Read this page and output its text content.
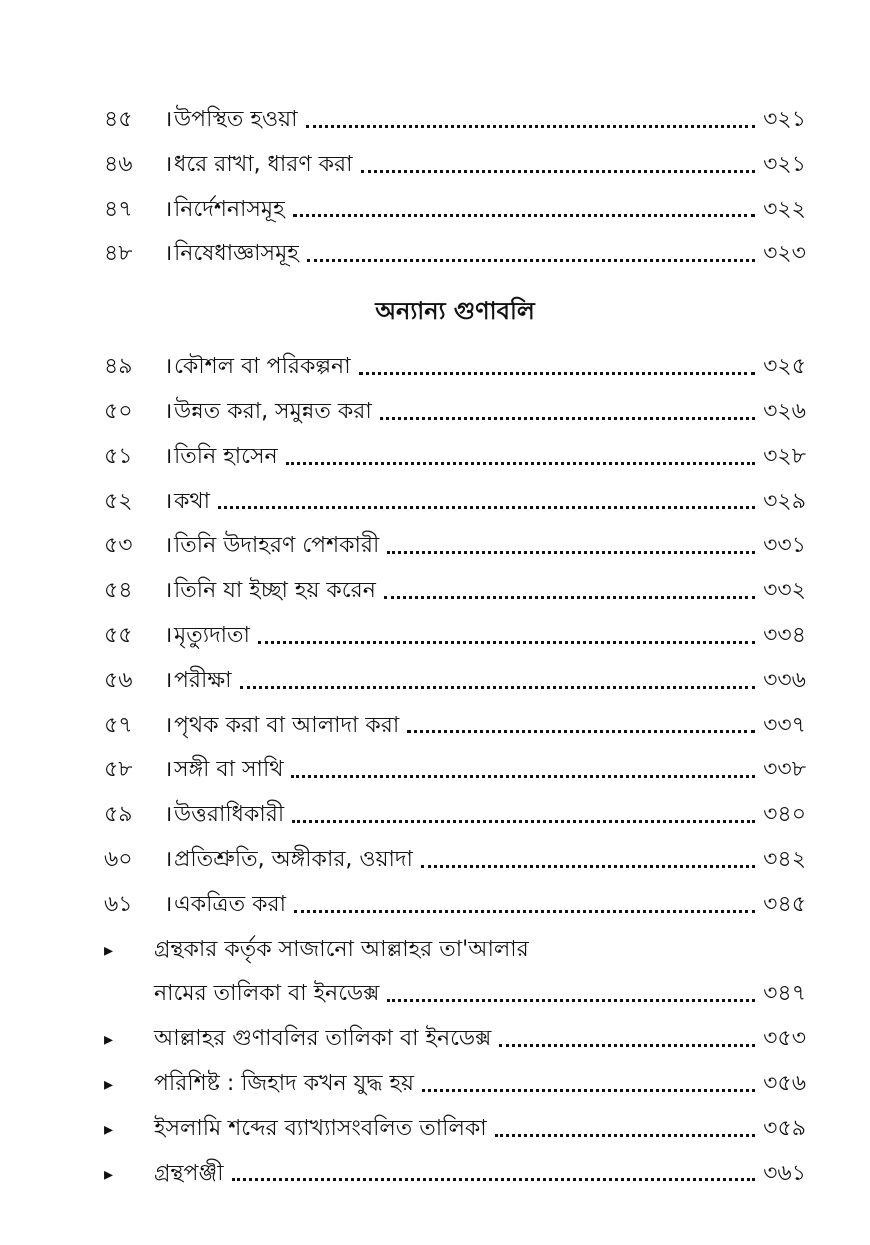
৪৫	। উপস্থিত হওয়া	৩২১
৪৬	। ধরে রাখা, ধারণ করা	৩২১
৪৭	। নির্দেশনাসমূহ	৩২২
৪৮	। নিষেধাজ্ঞাসমূহ	৩২৩
অন্যান্য গুণাবলি
৪৯	। কৌশল বা পরিকল্পনা	৩২৫
৫০	। উন্নত করা, সমুন্নত করা	৩২৬
৫১	। তিনি হাসেন	৩২৮
৫২	। কথা	৩২৯
৫৩	। তিনি উদাহরণ পেশকারী	৩৩১
৫৪	। তিনি যা ইচ্ছা হয় করেন	৩৩২
৫৫	। মৃত্যুদাতা	৩৩৪
৫৬	। পরীক্ষা	৩৩৬
৫৭	। পৃথক করা বা আলাদা করা	৩৩৭
৫৮	। সঙ্গী বা সাথি	৩৩৮
৫৯	। উত্তরাধিকারী	৩৪০
৬০	। প্রতিশ্রুতি, অঙ্গীকার, ওয়াদা	৩৪২
৬১	। একত্রিত করা	৩৪৫
▸	গ্রন্থকার কর্তৃক সাজানো আল্লাহর তা'আলার
নামের তালিকা বা ইনডেক্স	৩৪৭
▸	আল্লাহর গুণাবলির তালিকা বা ইনডেক্স	৩৫৩
▸	পরিশিষ্ট : জিহাদ কখন যুদ্ধ হয়	৩৫৬
▸	ইসলামি শব্দের ব্যাখ্যাসংবলিত তালিকা	৩৫৯
▸	গ্রন্থপঞ্জী	৩৬১
